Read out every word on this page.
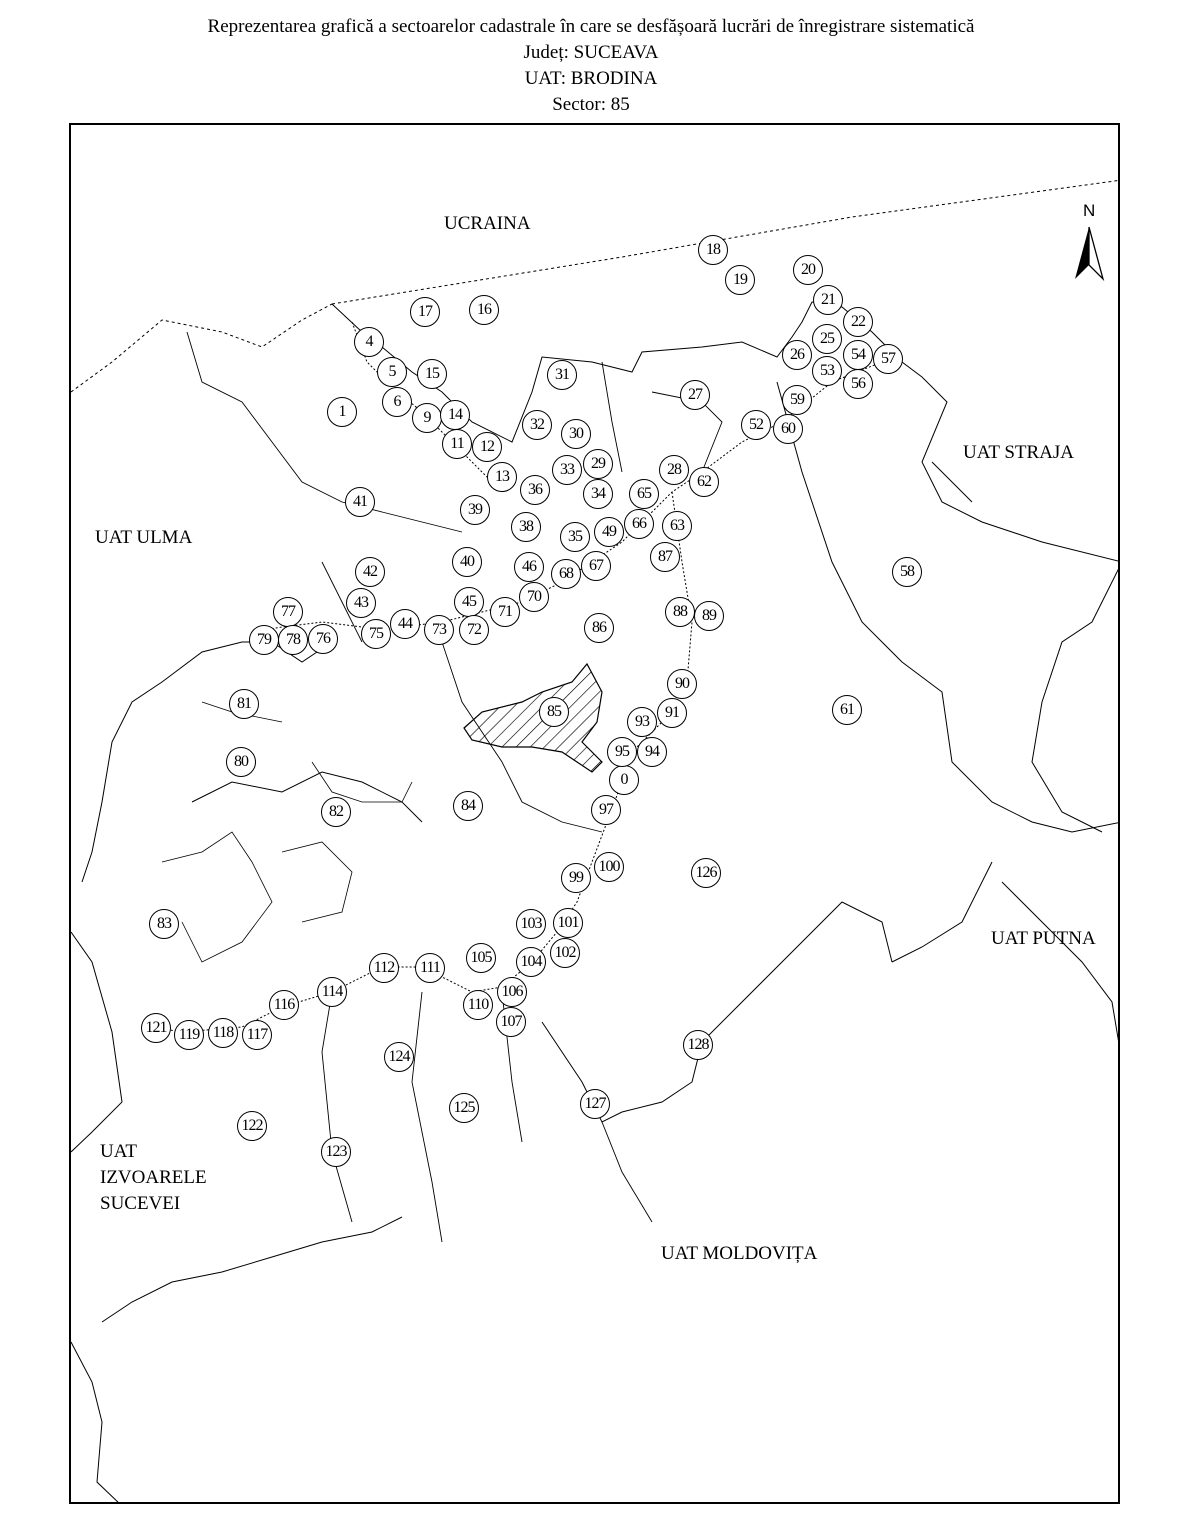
Reprezentarea grafică a sectoarelor cadastrale în care se desfășoară lucrări de înregistrare sistematică
Județ: SUCEAVA
UAT: BRODINA
Sector: 85
N
UCRAINA
UAT ULMA
UAT STRAJA
UAT PUTNA
UAT MOLDOVIȚA
UAT
IZVOARELE
SUCEVEI
0
1
4
5
6
9
11	12
13
14
15
16
17
18
19
20
21
22
25
26
27
28
29
30
31
32
33
34
35
36
38
39
40
41
42
43
44
45
46
49
52
53
54
56
57
58
59
60
61
62
63
65
66
67
68
70
71
72
73
75
76
77
78
79
80
81
82
83
84
85
86
87
88 89
90
91
93
94
95
97
99
100
101
102
103
104
105
106
107
110
111
112
114
116
117
118
119
121
122
123
124
125
126
127
128
